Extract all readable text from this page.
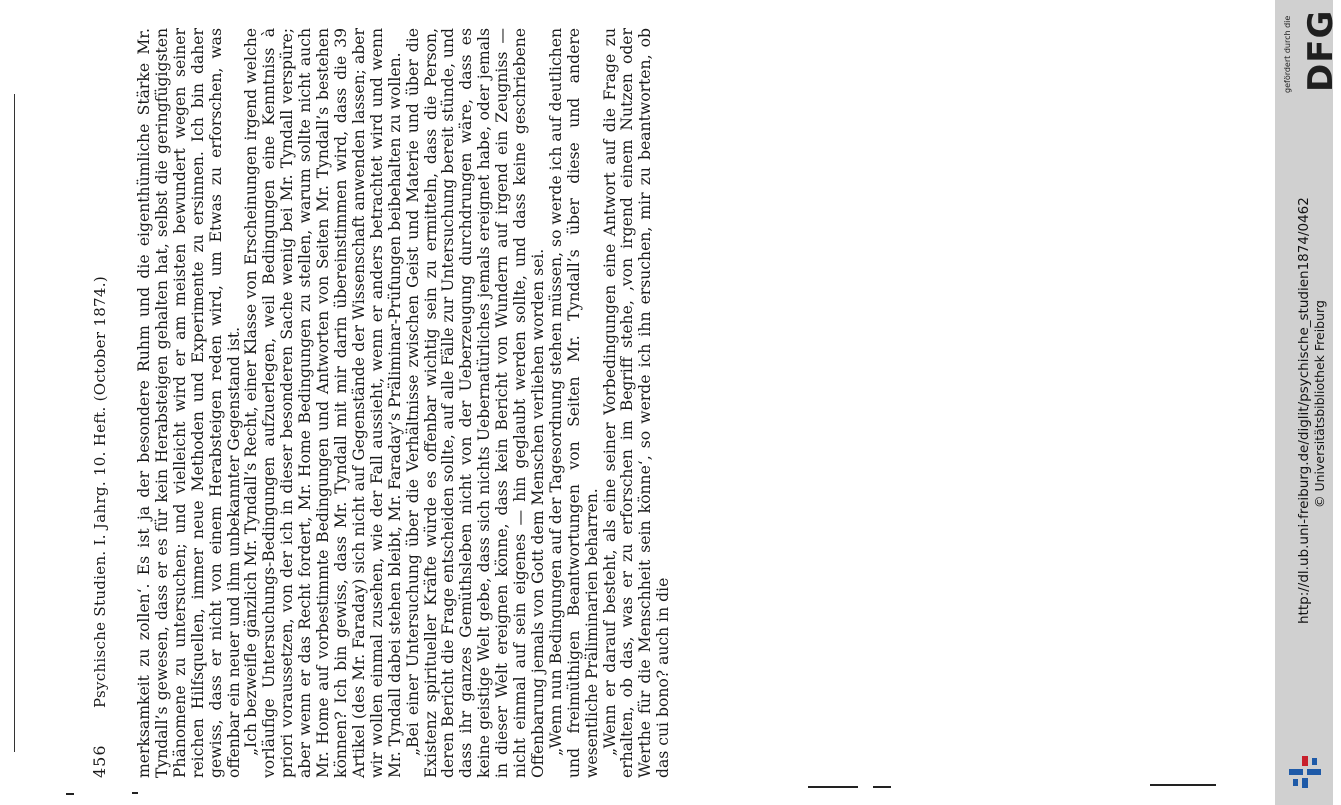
456
Psychische Studien. I. Jahrg. 10. Heft. (October 1874.) merksamkeit zu zollen‘. Es ist ja der besondere Ruhm und die eigenthümliche Stärke Mr. Tyndall’s gewesen, dass er es für kein Herabsteigen gehalten hat, selbst die geringfügigsten Phänomene zu untersuchen; und vielleicht wird er am meisten bewundert wegen seiner reichen Hilfsquellen, immer neue Methoden und Experimente zu ersinnen. Ich bin daher gewiss, dass er nicht von einem Herabsteigen reden wird, um Etwas zu erforschen, was offenbar ein neuer und ihm unbekannter Gegenstand ist. „Ich bezweifle gänzlich Mr. Tyndall’s Recht, einer Klasse von Erscheinungen irgend welche vorläufige Untersuchungs-Bedingungen aufzuerlegen, weil Bedingungen eine Kenntniss à priori voraussetzen, von der ich in dieser besonderen Sache wenig bei Mr. Tyndall verspüre; aber wenn er das Recht fordert, Mr. Home Bedingungen zu stellen, warum sollte nicht auch Mr. Home auf vorbestimmte Bedingungen und Antworten von Seiten Mr. Tyndall’s bestehen können? Ich bin gewiss, dass Mr. Tyndall mit mir darin übereinstimmen wird, dass die 39 Artikel (des Mr. Faraday) sich nicht auf Gegenstände der Wissenschaft anwenden lassen; aber wir wollen einmal zusehen, wie der Fall aussieht, wenn er anders betrachtet wird und wenn Mr. Tyndall dabei stehen bleibt, Mr. Faraday’s Präliminar-Prüfungen beibehalten zu wollen. „Bei einer Untersuchung über die Verhältnisse zwischen Geist und Materie und über die Existenz spiritueller Kräfte würde es offenbar wichtig sein zu ermitteln, dass die Person, deren Bericht die Frage entscheiden sollte, auf alle Fälle zur Untersuchung bereit stünde, und dass ihr ganzes Gemüthsleben nicht von der Ueberzeugung durchdrungen wäre, dass es keine geistige Welt gebe, dass sich nichts Uebernatürliches jemals ereignet habe, oder jemals in dieser Welt ereignen könne, dass kein Bericht von Wundern auf irgend ein Zeugniss — nicht einmal auf sein eigenes — hin geglaubt werden sollte, und dass keine geschriebene Offenbarung jemals von Gott dem Menschen verliehen worden sei. „Wenn nun Bedingungen auf der Tagesordnung stehen müssen, so werde ich auf deutlichen und freimüthigen Beantwortungen von Seiten Mr. Tyndall’s über diese und andere wesentliche Präliminarien beharren. „Wenn er darauf besteht, als eine seiner Vorbedingungen eine Antwort auf die Frage zu erhalten, ob das, was er zu erforschen im Begriff stehe, ‚von irgend einem Nutzen oder Werthe für die Menschheit sein könne‘, so werde ich ihn ersuchen, mir zu beantworten, ob das cui bono? auch in die

gefördert durch die DFG
http://dl.ub.uni-freiburg.de/diglit/psychische_studien1874/0462 © Universitätsbibliothek Freiburg
